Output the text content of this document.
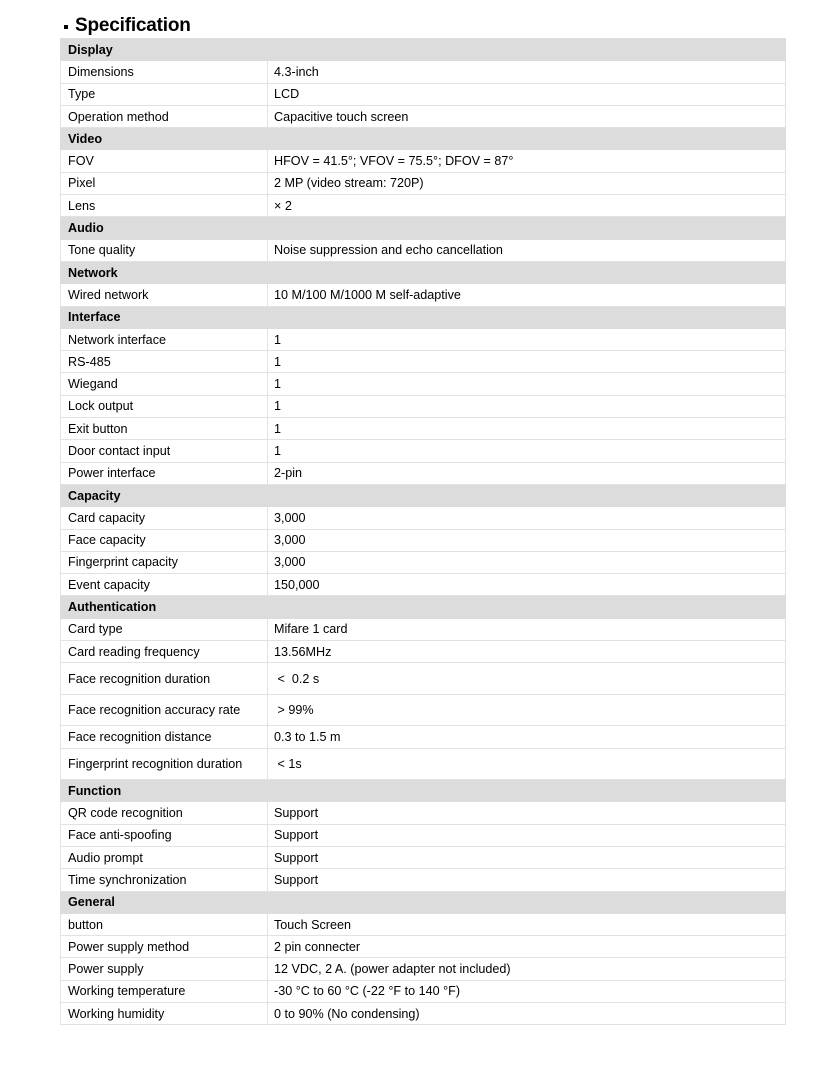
Specification
Display	
Dimensions	4.3-inch
Type	LCD
Operation method	Capacitive touch screen
Video	
FOV	HFOV = 41.5°; VFOV = 75.5°; DFOV = 87°
Pixel	2 MP (video stream: 720P)
Lens	× 2
Audio	
Tone quality	Noise suppression and echo cancellation
Network	
Wired network	10 M/100 M/1000 M self-adaptive
Interface	
Network interface	1
RS-485	1
Wiegand	1
Lock output	1
Exit button	1
Door contact input	1
Power interface	2-pin
Capacity	
Card capacity	3,000
Face capacity	3,000
Fingerprint capacity	3,000
Event capacity	150,000
Authentication	
Card type	Mifare 1 card
Card reading frequency	13.56MHz
Face recognition duration	<  0.2 s
Face recognition accuracy rate	> 99%
Face recognition distance	0.3 to 1.5 m
Fingerprint recognition duration	< 1s
Function	
QR code recognition	Support
Face anti-spoofing	Support
Audio prompt	Support
Time synchronization	Support
General	
button	Touch Screen
Power supply method	2 pin connecter
Power supply	12 VDC, 2 A. (power adapter not included)
Working temperature	-30 °C to 60 °C (-22 °F to 140 °F)
Working humidity	0 to 90% (No condensing)
